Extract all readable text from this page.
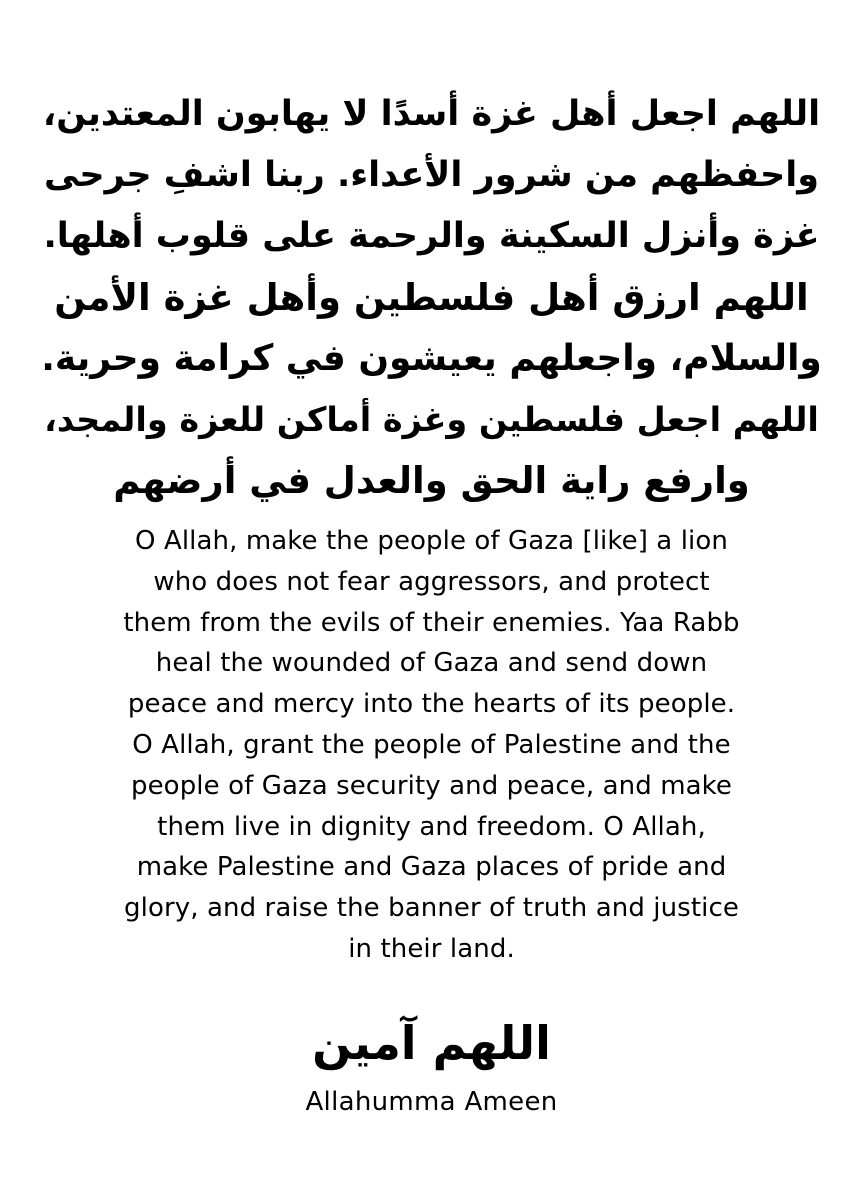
اللهم اجعل أهل غزة أسدًا لا يهابون المعتدين،
واحفظهم من شرور الأعداء. ربنا اشفِ جرحى
غزة وأنزل السكينة والرحمة على قلوب أهلها.
اللهم ارزق أهل فلسطين وأهل غزة الأمن
والسلام، واجعلهم يعيشون في كرامة وحرية.
اللهم اجعل فلسطين وغزة أماكن للعزة والمجد،
وارفع راية الحق والعدل في أرضهم
O Allah, make the people of Gaza [like] a lion
who does not fear aggressors, and protect
them from the evils of their enemies. Yaa Rabb
heal the wounded of Gaza and send down
peace and mercy into the hearts of its people.
O Allah, grant the people of Palestine and the
people of Gaza security and peace, and make
them live in dignity and freedom. O Allah,
make Palestine and Gaza places of pride and
glory, and raise the banner of truth and justice
in their land.
اللهم آمين
Allahumma Ameen
